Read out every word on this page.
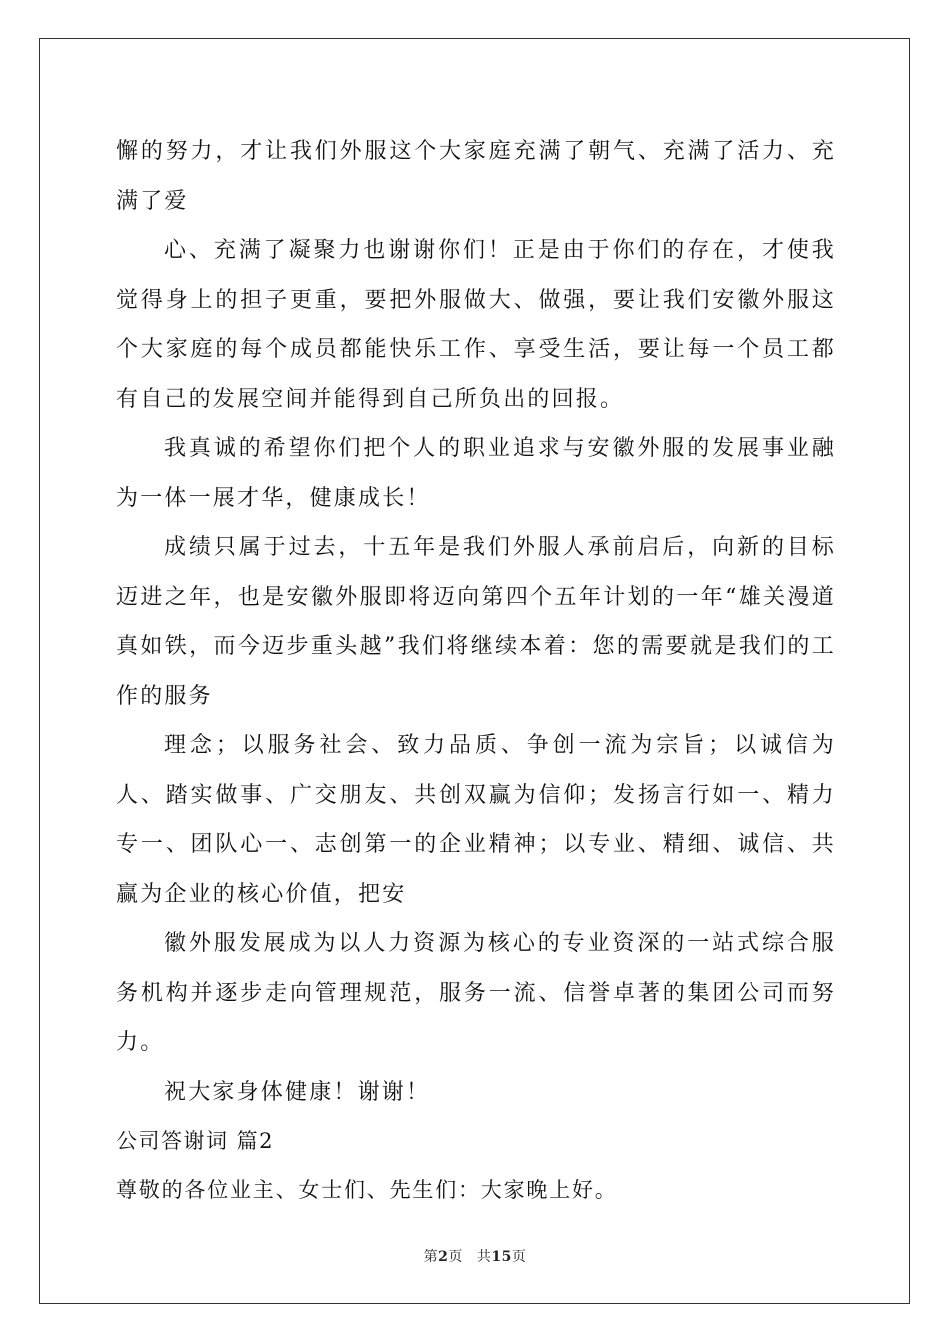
懈的努力，才让我们外服这个大家庭充满了朝气、充满了活力、充满了爱

心、充满了凝聚力也谢谢你们！正是由于你们的存在，才使我觉得身上的担子更重，要把外服做大、做强，要让我们安徽外服这个大家庭的每个成员都能快乐工作、享受生活，要让每一个员工都有自己的发展空间并能得到自己所负出的回报。

我真诚的希望你们把个人的职业追求与安徽外服的发展事业融为一体一展才华，健康成长！

成绩只属于过去，十五年是我们外服人承前启后，向新的目标迈进之年，也是安徽外服即将迈向第四个五年计划的一年“雄关漫道真如铁，而今迈步重头越”我们将继续本着：您的需要就是我们的工作的服务

理念；以服务社会、致力品质、争创一流为宗旨；以诚信为人、踏实做事、广交朋友、共创双赢为信仰；发扬言行如一、精力专一、团队心一、志创第一的企业精神；以专业、精细、诚信、共赢为企业的核心价值，把安

徽外服发展成为以人力资源为核心的专业资深的一站式综合服务机构并逐步走向管理规范，服务一流、信誉卓著的集团公司而努力。

祝大家身体健康！谢谢！

公司答谢词 篇2

尊敬的各位业主、女士们、先生们：大家晚上好。

第2页 共15页
